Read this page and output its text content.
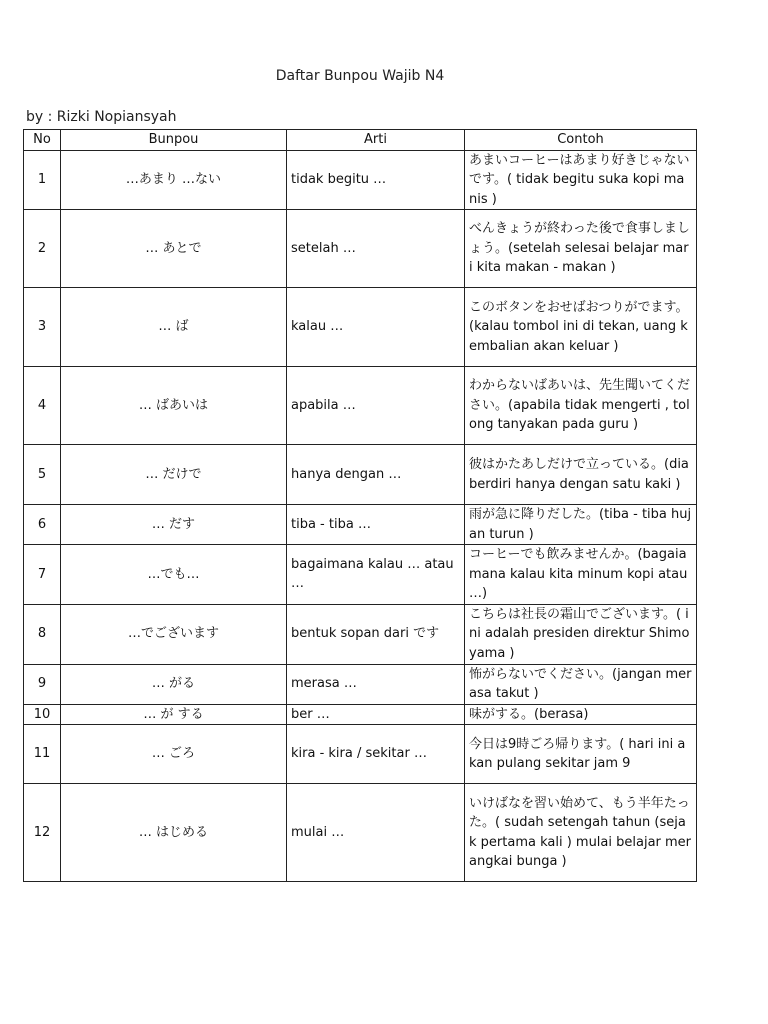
Daftar Bunpou Wajib N4
by : Rizki Nopiansyah
No	Bunpou	Arti	Contoh
1	…あまり …ない	tidak begitu …	あまいコーヒーはあまり好きじゃないです。( tidak begitu suka kopi manis )

2	… あとで	setelah …	べんきょうが終わった後で食事しましょう。(setelah selesai belajar mari kita makan - makan )

3	… ば	kalau …	このボタンをおせばおつりがでます。(kalau tombol ini di tekan, uang kembalian akan keluar )

4	… ばあいは	apabila …	わからないばあいは、先生聞いてください。(apabila tidak mengerti , tolong tanyakan pada guru )

5	… だけで	hanya dengan …	彼はかたあしだけで立っている。(dia berdiri hanya dengan satu kaki )

6	… だす	tiba - tiba …	雨が急に降りだした。(tiba - tiba hujan turun )

7	…でも…	bagaimana kalau … atau …	コーヒーでも飲みませんか。(bagaiamana kalau kita minum kopi atau …)

8	…でございます	bentuk sopan dari です	こちらは社長の霜山でございます。( ini adalah presiden direktur Shimoyama )

9	… がる	merasa …	怖がらないでください。(jangan merasa takut )

10	… が する	ber …	味がする。(berasa)

11	… ごろ	kira - kira / sekitar …	今日は9時ごろ帰ります。( hari ini akan pulang sekitar jam 9

12	… はじめる	mulai …	いけばなを習い始めて、もう半年たった。( sudah setengah tahun (sejak pertama kali ) mulai belajar merangkai bunga )
